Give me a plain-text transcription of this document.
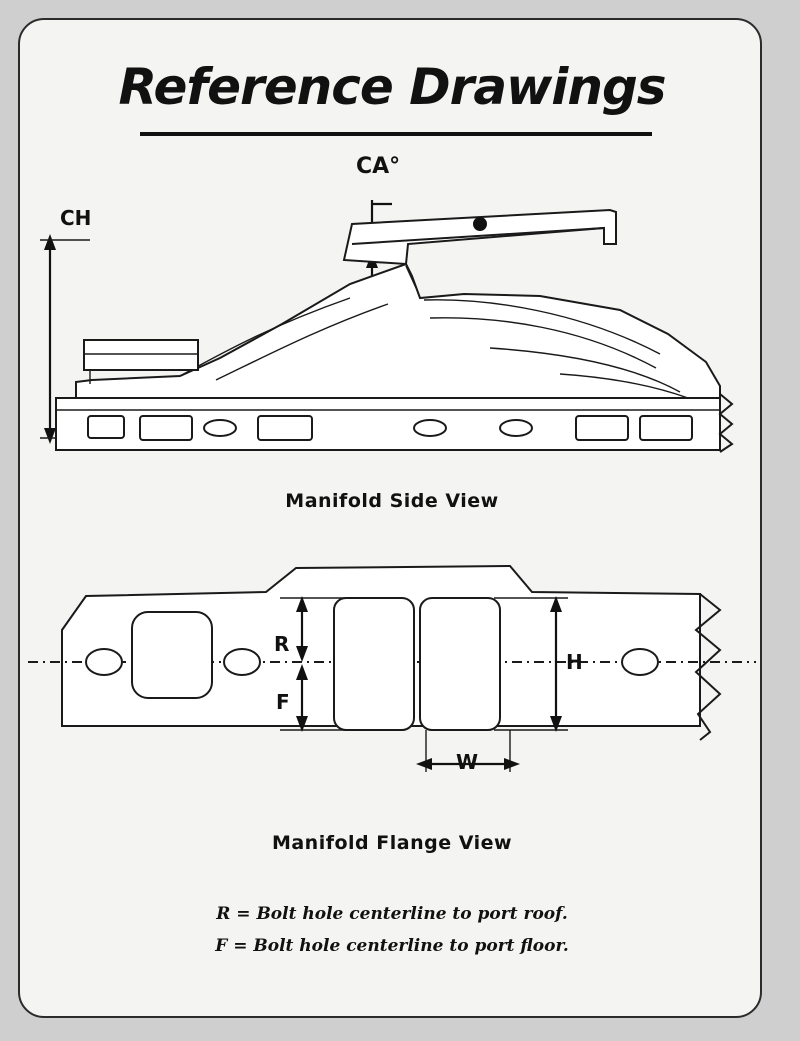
Reference Drawings
CH
CA°
Manifold Side View
R
F
H
W
Manifold Flange View
R = Bolt hole centerline to port roof.
F = Bolt hole centerline to port floor.
